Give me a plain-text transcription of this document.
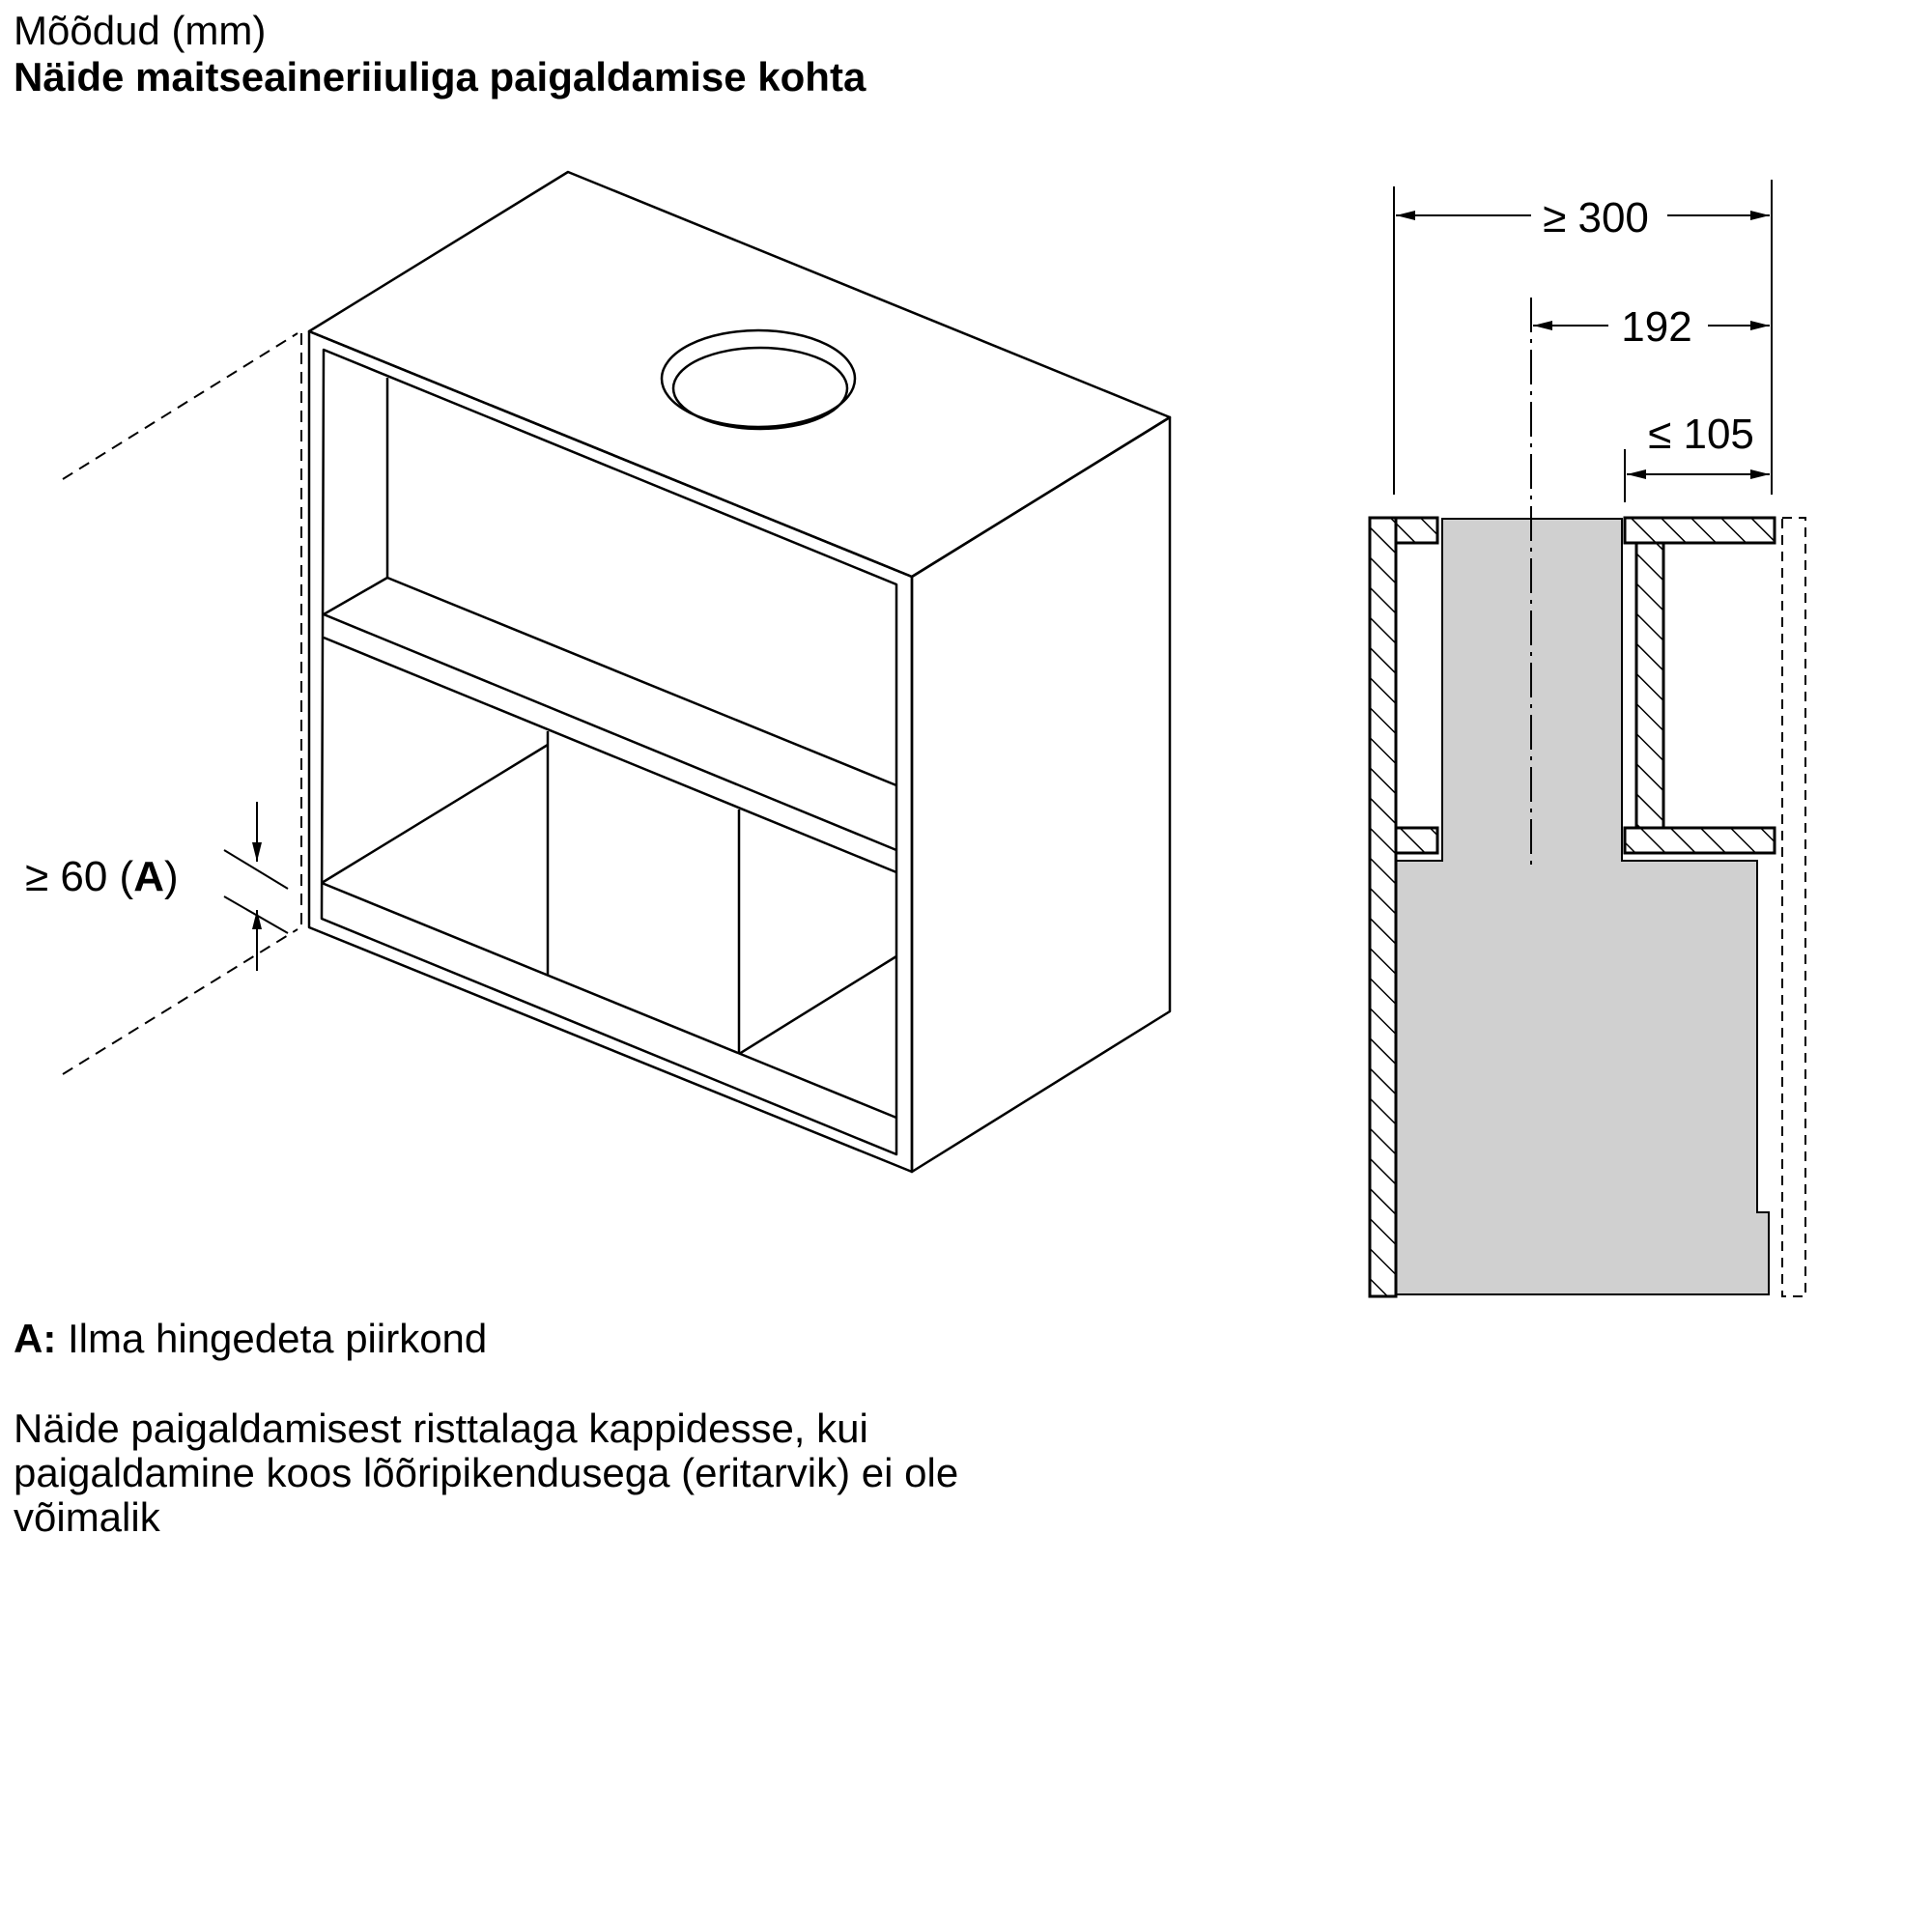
Mõõdud (mm)
Näide maitseaineriiuliga paigaldamise kohta
≥ 300
192
≤ 105
≥ 60 (A)
A: Ilma hingedeta piirkond
Näide paigaldamisest risttalaga kappidesse, kui
paigaldamine koos lõõripikendusega (eritarvik) ei ole
võimalik
